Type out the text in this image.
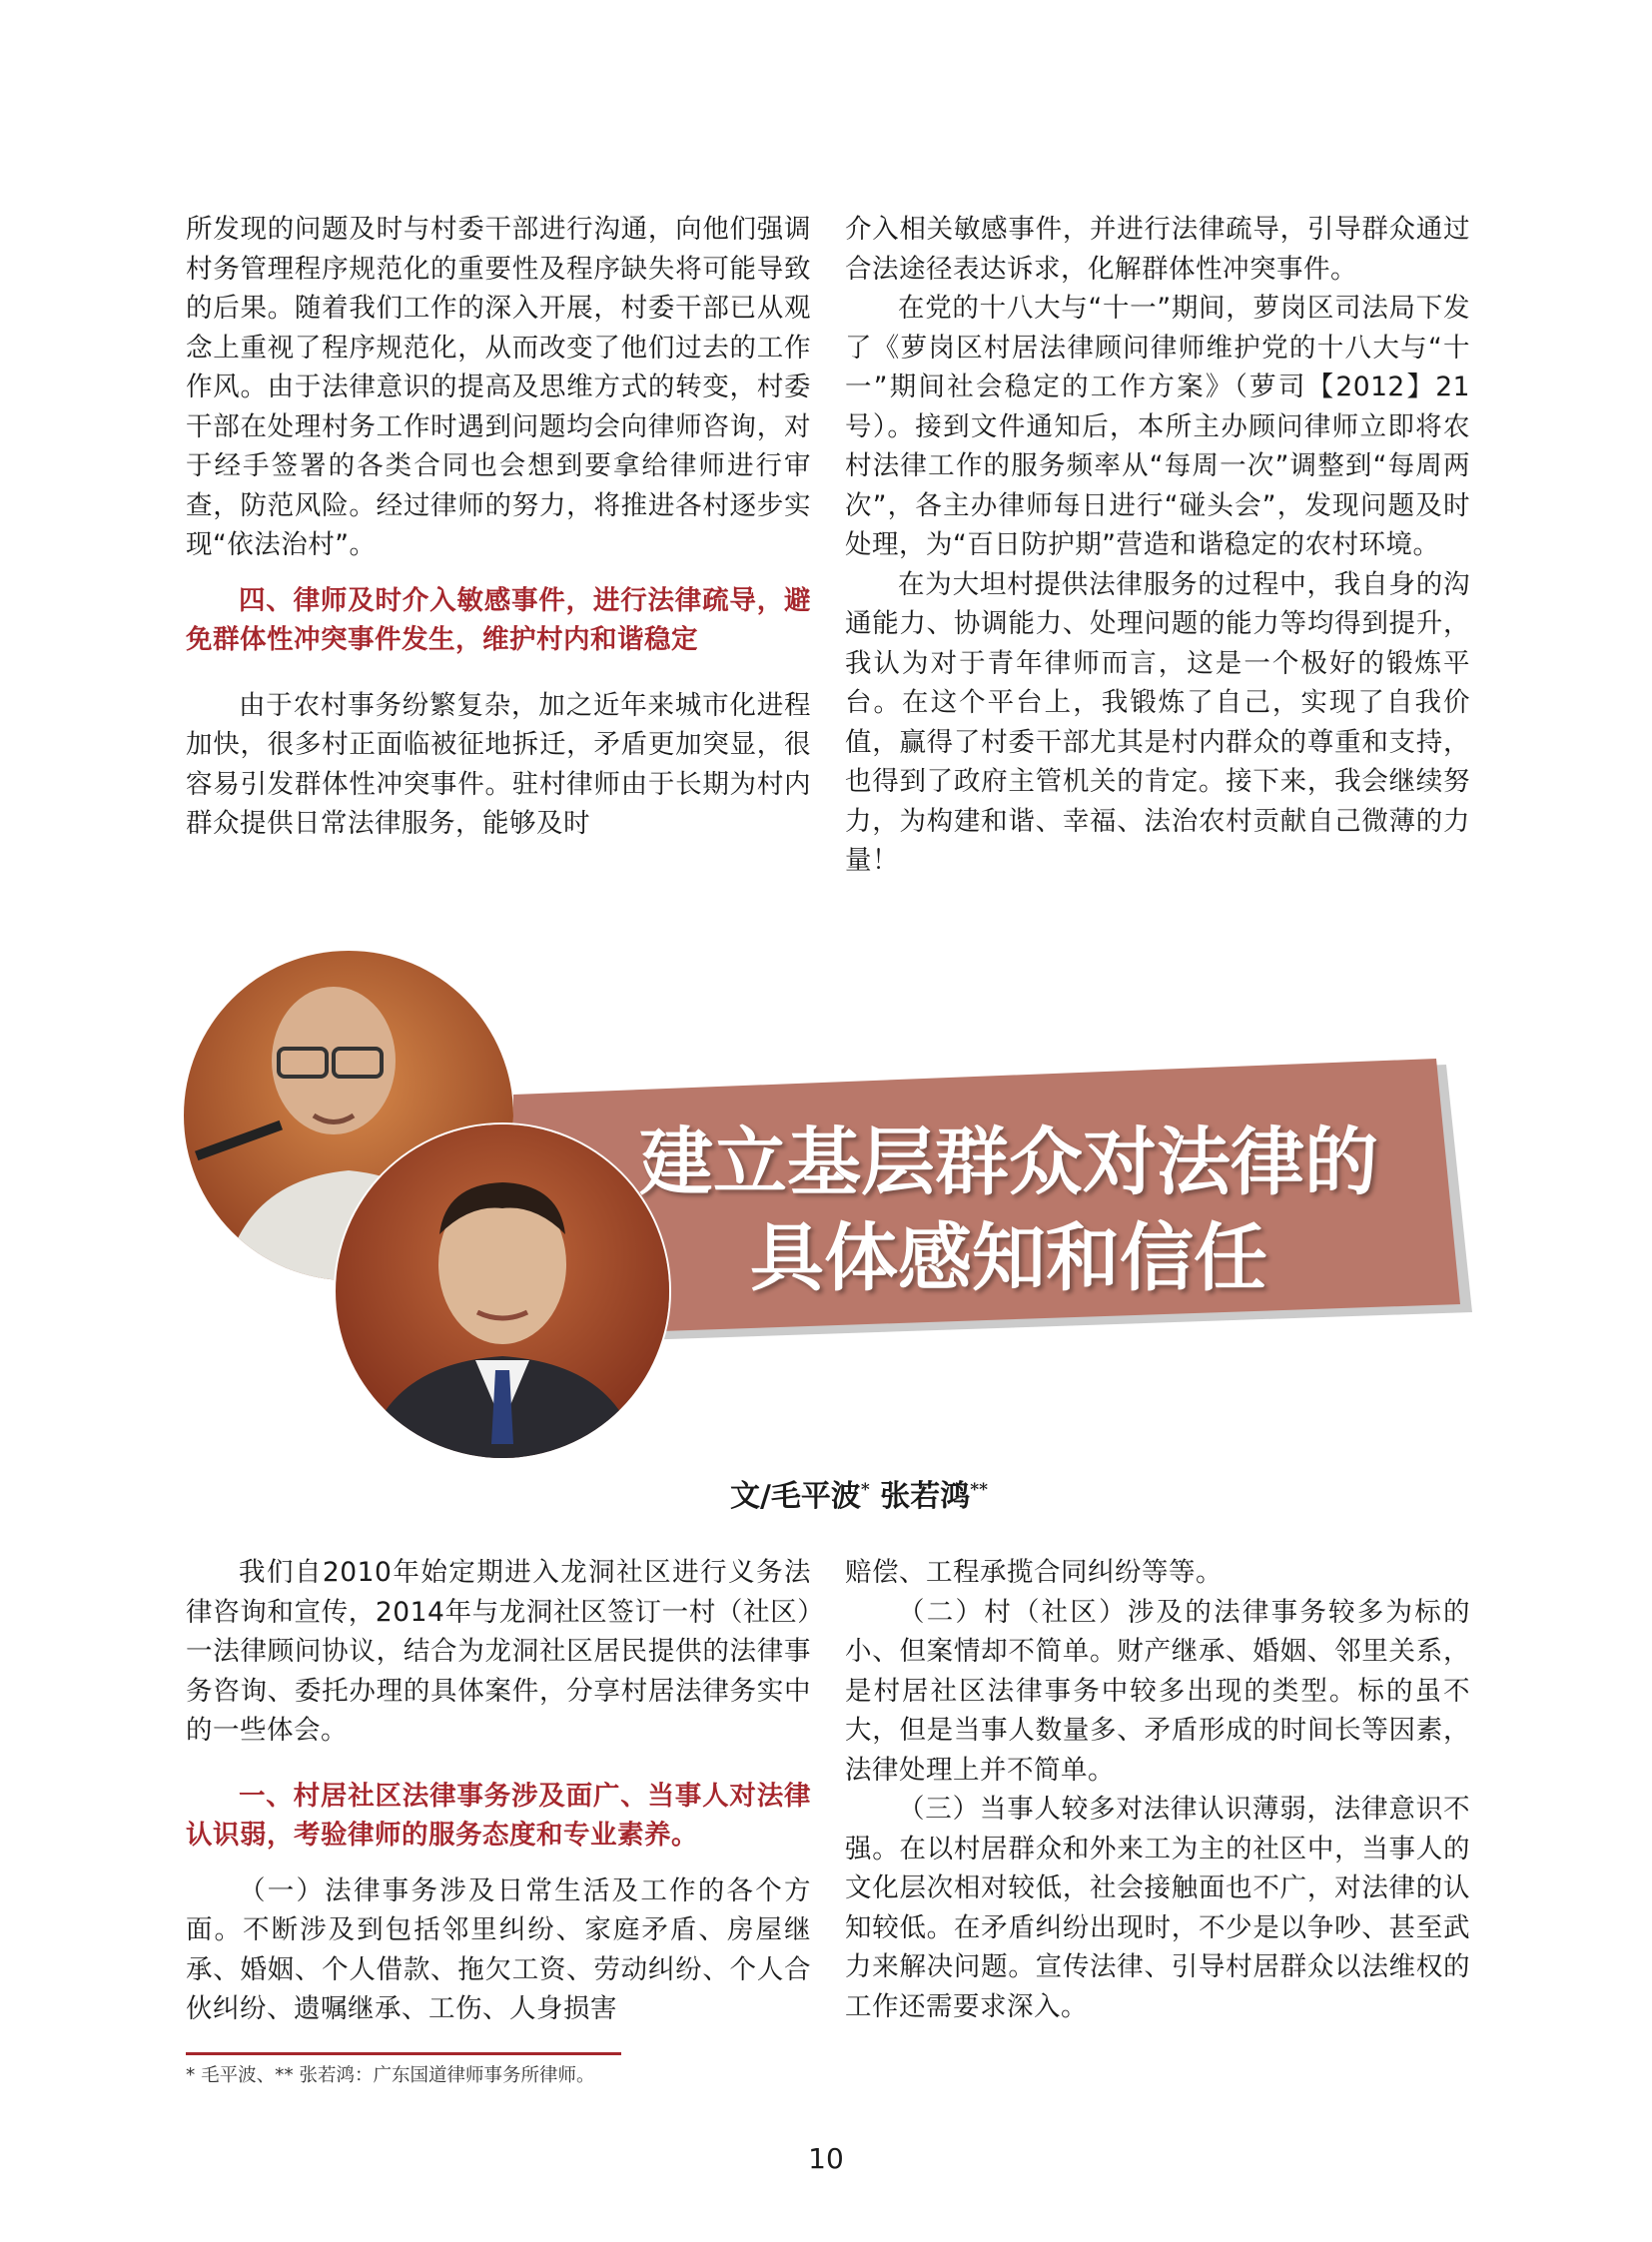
所发现的问题及时与村委干部进行沟通，向他们强调村务管理程序规范化的重要性及程序缺失将可能导致的后果。随着我们工作的深入开展，村委干部已从观念上重视了程序规范化，从而改变了他们过去的工作作风。由于法律意识的提高及思维方式的转变，村委干部在处理村务工作时遇到问题均会向律师咨询，对于经手签署的各类合同也会想到要拿给律师进行审查，防范风险。经过律师的努力，将推进各村逐步实现“依法治村”。

四、律师及时介入敏感事件，进行法律疏导，避免群体性冲突事件发生，维护村内和谐稳定

由于农村事务纷繁复杂，加之近年来城市化进程加快，很多村正面临被征地拆迁，矛盾更加突显，很容易引发群体性冲突事件。驻村律师由于长期为村内群众提供日常法律服务，能够及时

介入相关敏感事件，并进行法律疏导，引导群众通过合法途径表达诉求，化解群体性冲突事件。

在党的十八大与“十一”期间，萝岗区司法局下发了《萝岗区村居法律顾问律师维护党的十八大与“十一”期间社会稳定的工作方案》（萝司【2012】21号）。接到文件通知后，本所主办顾问律师立即将农村法律工作的服务频率从“每周一次”调整到“每周两次”，各主办律师每日进行“碰头会”，发现问题及时处理，为“百日防护期”营造和谐稳定的农村环境。

在为大坦村提供法律服务的过程中，我自身的沟通能力、协调能力、处理问题的能力等均得到提升，我认为对于青年律师而言，这是一个极好的锻炼平台。在这个平台上，我锻炼了自己，实现了自我价值，赢得了村委干部尤其是村内群众的尊重和支持，也得到了政府主管机关的肯定。接下来，我会继续努力，为构建和谐、幸福、法治农村贡献自己微薄的力量！

建立基层群众对法律的
具体感知和信任
文/毛平波* 张若鸿**

我们自2010年始定期进入龙洞社区进行义务法律咨询和宣传，2014年与龙洞社区签订一村（社区）一法律顾问协议，结合为龙洞社区居民提供的法律事务咨询、委托办理的具体案件，分享村居法律务实中的一些体会。

一、村居社区法律事务涉及面广、当事人对法律认识弱，考验律师的服务态度和专业素养。

（一）法律事务涉及日常生活及工作的各个方面。不断涉及到包括邻里纠纷、家庭矛盾、房屋继承、婚姻、个人借款、拖欠工资、劳动纠纷、个人合伙纠纷、遗嘱继承、工伤、人身损害

赔偿、工程承揽合同纠纷等等。

（二）村（社区）涉及的法律事务较多为标的小、但案情却不简单。财产继承、婚姻、邻里关系，是村居社区法律事务中较多出现的类型。标的虽不大，但是当事人数量多、矛盾形成的时间长等因素，法律处理上并不简单。

（三）当事人较多对法律认识薄弱，法律意识不强。在以村居群众和外来工为主的社区中，当事人的文化层次相对较低，社会接触面也不广，对法律的认知较低。在矛盾纠纷出现时，不少是以争吵、甚至武力来解决问题。宣传法律、引导村居群众以法维权的工作还需要求深入。

* 毛平波、** 张若鸿：广东国道律师事务所律师。
10
